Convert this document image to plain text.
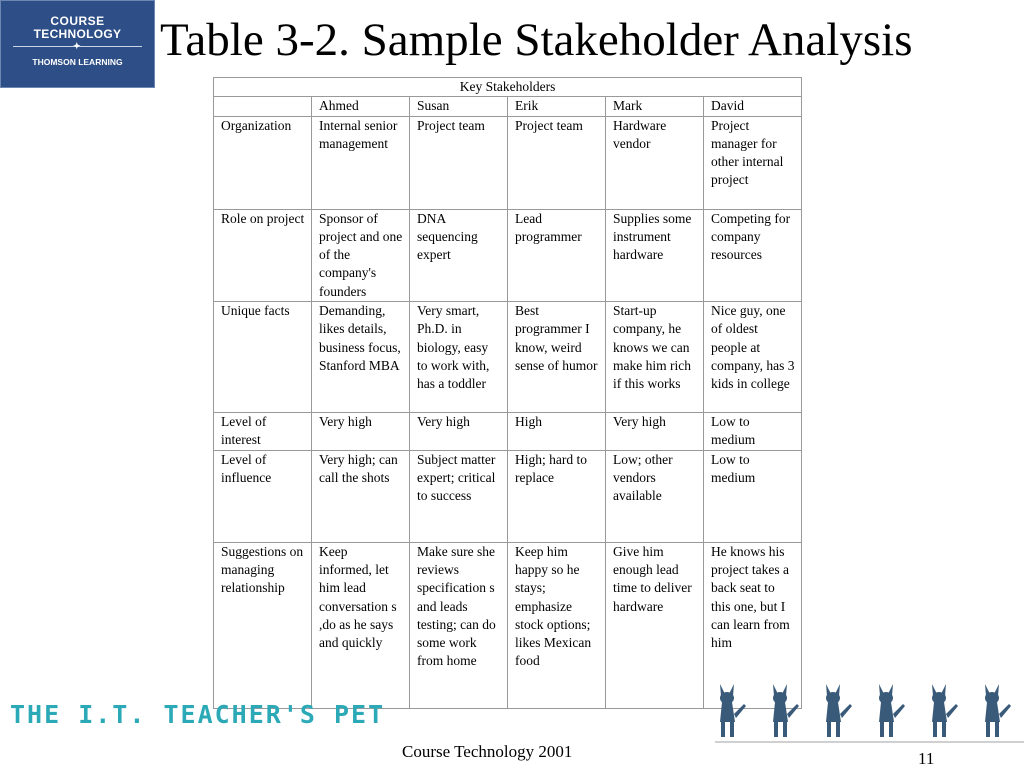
COURSE
TECHNOLOGY
✦
THOMSON LEARNING Table 3-2. Sample Stakeholder Analysis
Key Stakeholders					
	Ahmed	Susan	Erik	Mark	David
Organization	Internal senior management	Project team	Project team	Hardware vendor	Project manager for other internal project
Role on project	Sponsor of project and one of the company's founders	DNA sequencing expert	Lead programmer	Supplies some instrument hardware	Competing for company resources
Unique facts	Demanding, likes details, business focus, Stanford MBA	Very smart, Ph.D. in biology, easy to work with, has a toddler	Best programmer I know, weird sense of humor	Start-up company, he knows we can make him rich if this works	Nice guy, one of oldest people at company, has 3 kids in college
Level of interest	Very high	Very high	High	Very high	Low to medium
Level of influence	Very high; can call the shots	Subject matter expert; critical to success	High; hard to replace	Low; other vendors available	Low to medium
Suggestions on managing relationship	Keep informed, let him lead conversation s ,do as he says and quickly	Make sure she reviews specification s and leads testing; can do some work from home	Keep him happy so he stays; emphasize stock options; likes Mexican food	Give him enough lead time to deliver hardware	He knows his project takes a back seat to this one, but I can learn from him
THE I.T. TEACHER'S PET
Course Technology 2001	11
